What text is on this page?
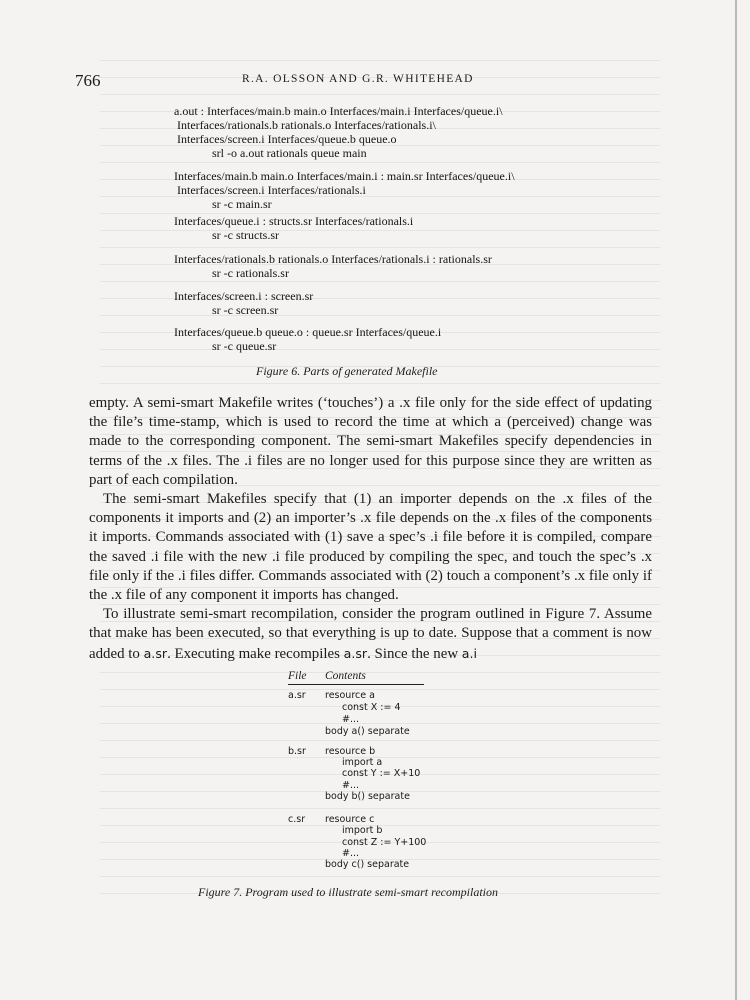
766	R.A. OLSSON AND G.R. WHITEHEAD
a.out : Interfaces/main.b main.o Interfaces/main.i Interfaces/queue.i\
Interfaces/rationals.b rationals.o Interfaces/rationals.i\
Interfaces/screen.i Interfaces/queue.b queue.o
srl -o a.out rationals queue main
Interfaces/main.b main.o Interfaces/main.i : main.sr Interfaces/queue.i\
Interfaces/screen.i Interfaces/rationals.i
sr -c main.sr
Interfaces/queue.i : structs.sr Interfaces/rationals.i
sr -c structs.sr
Interfaces/rationals.b rationals.o Interfaces/rationals.i : rationals.sr
sr -c rationals.sr
Interfaces/screen.i : screen.sr
sr -c screen.sr
Interfaces/queue.b queue.o : queue.sr Interfaces/queue.i
sr -c queue.sr
Figure 6. Parts of generated Makefile

empty. A semi-smart Makefile writes (‘touches’) a .x file only for the side effect of updating the file’s time-stamp, which is used to record the time at which a (perceived) change was made to the corresponding component. The semi-smart Makefiles specify dependencies in terms of the .x files. The .i files are no longer used for this purpose since they are written as part of each compilation.

The semi-smart Makefiles specify that (1) an importer depends on the .x files of the components it imports and (2) an importer’s .x file depends on the .x files of the components it imports. Commands associated with (1) save a spec’s .i file before it is compiled, compare the saved .i file with the new .i file produced by compiling the spec, and touch the spec’s .x file only if the .i files differ. Commands associated with (2) touch a component’s .x file only if the .x file of any component it imports has changed.

To illustrate semi-smart recompilation, consider the program outlined in Figure 7. Assume that make has been executed, so that everything is up to date. Suppose that a comment is now added to a.sr. Executing make recompiles a.sr. Since the new a.i

File Contents
a.sr resource a
const X := 4
#...
body a() separate
b.sr resource b
import a
const Y := X+10
#...
body b() separate
c.sr resource c
import b
const Z := Y+100
#...
body c() separate
Figure 7. Program used to illustrate semi-smart recompilation
